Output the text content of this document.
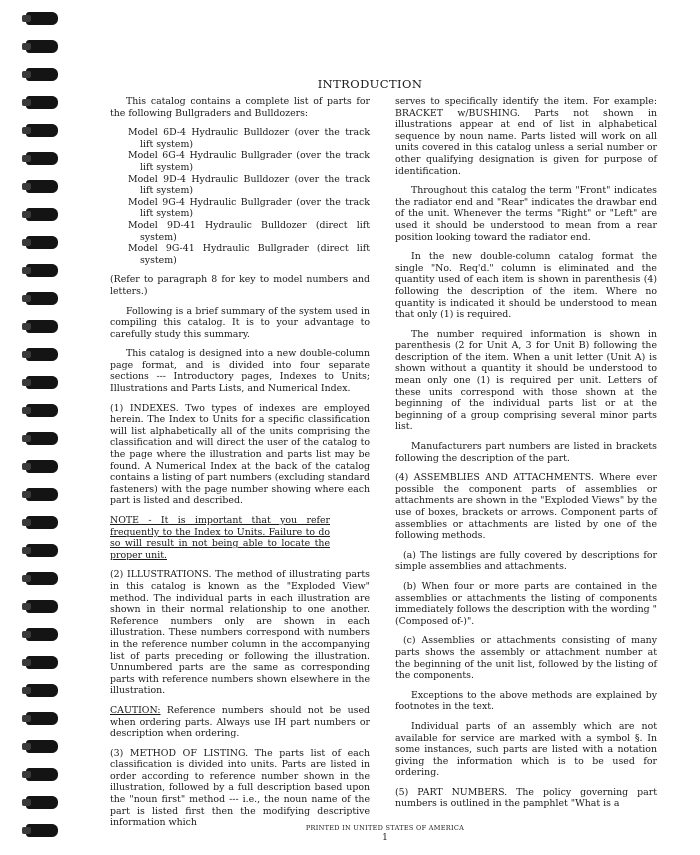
INTRODUCTION

This catalog contains a complete list of parts for the following Bullgraders and Bulldozers:

Model 6D-4 Hydraulic Bulldozer (over the track lift system)
Model 6G-4 Hydraulic Bullgrader (over the track lift system)
Model 9D-4 Hydraulic Bulldozer (over the track lift system)
Model 9G-4 Hydraulic Bullgrader (over the track lift system)
Model 9D-41 Hydraulic Bulldozer (direct lift system)
Model 9G-41 Hydraulic Bullgrader (direct lift system)

(Refer to paragraph 8 for key to model numbers and letters.)

Following is a brief summary of the system used in compiling this catalog. It is to your advantage to carefully study this summary.

This catalog is designed into a new double-column page format, and is divided into four separate sections --- Introductory pages, Indexes to Units; Illustrations and Parts Lists, and Numerical Index.

(1) INDEXES. Two types of indexes are employed herein. The Index to Units for a specific classification will list alphabetically all of the units comprising the classification and will direct the user of the catalog to the page where the illustration and parts list may be found. A Numerical Index at the back of the catalog contains a listing of part numbers (excluding standard fasteners) with the page number showing where each part is listed and described.

NOTE - It is important that you refer frequently to the Index to Units. Failure to do so will result in not being able to locate the proper unit.

(2) ILLUSTRATIONS. The method of illustrating parts in this catalog is known as the "Exploded View" method. The individual parts in each illustration are shown in their normal relationship to one another. Reference numbers only are shown in each illustration. These numbers correspond with numbers in the reference number column in the accompanying list of parts preceding or following the illustration. Unnumbered parts are the same as corresponding parts with reference numbers shown elsewhere in the illustration.

CAUTION: Reference numbers should not be used when ordering parts. Always use IH part numbers or description when ordering.

(3) METHOD OF LISTING. The parts list of each classification is divided into units. Parts are listed in order according to reference number shown in the illustration, followed by a full description based upon the "noun first" method --- i.e., the noun name of the part is listed first then the modifying descriptive information which

serves to specifically identify the item. For example: BRACKET w/BUSHING. Parts not shown in illustrations appear at end of list in alphabetical sequence by noun name. Parts listed will work on all units covered in this catalog unless a serial number or other qualifying designation is given for purpose of identification.

Throughout this catalog the term "Front" indicates the radiator end and "Rear" indicates the drawbar end of the unit. Whenever the terms "Right" or "Left" are used it should be understood to mean from a rear position looking toward the radiator end.

In the new double-column catalog format the single "No. Req'd." column is eliminated and the quantity used of each item is shown in parenthesis (4) following the description of the item. Where no quantity is indicated it should be understood to mean that only (1) is required.

The number required information is shown in parenthesis (2 for Unit A, 3 for Unit B) following the description of the item. When a unit letter (Unit A) is shown without a quantity it should be understood to mean only one (1) is required per unit. Letters of these units correspond with those shown at the beginning of the individual parts list or at the beginning of a group comprising several minor parts list.

Manufacturers part numbers are listed in brackets following the description of the part.

(4) ASSEMBLIES AND ATTACHMENTS. Where ever possible the component parts of assemblies or attachments are shown in the "Exploded Views" by the use of boxes, brackets or arrows. Component parts of assemblies or attachments are listed by one of the following methods.

(a) The listings are fully covered by descriptions for simple assemblies and attachments.

(b) When four or more parts are contained in the assemblies or attachments the listing of components immediately follows the description with the wording "(Composed of-)".

(c) Assemblies or attachments consisting of many parts shows the assembly or attachment number at the beginning of the unit list, followed by the listing of the components.

Exceptions to the above methods are explained by footnotes in the text.

Individual parts of an assembly which are not available for service are marked with a symbol §. In some instances, such parts are listed with a notation giving the information which is to be used for ordering.

(5) PART NUMBERS. The policy governing part numbers is outlined in the pamphlet "What is a

PRINTED IN UNITED STATES OF AMERICA
1
